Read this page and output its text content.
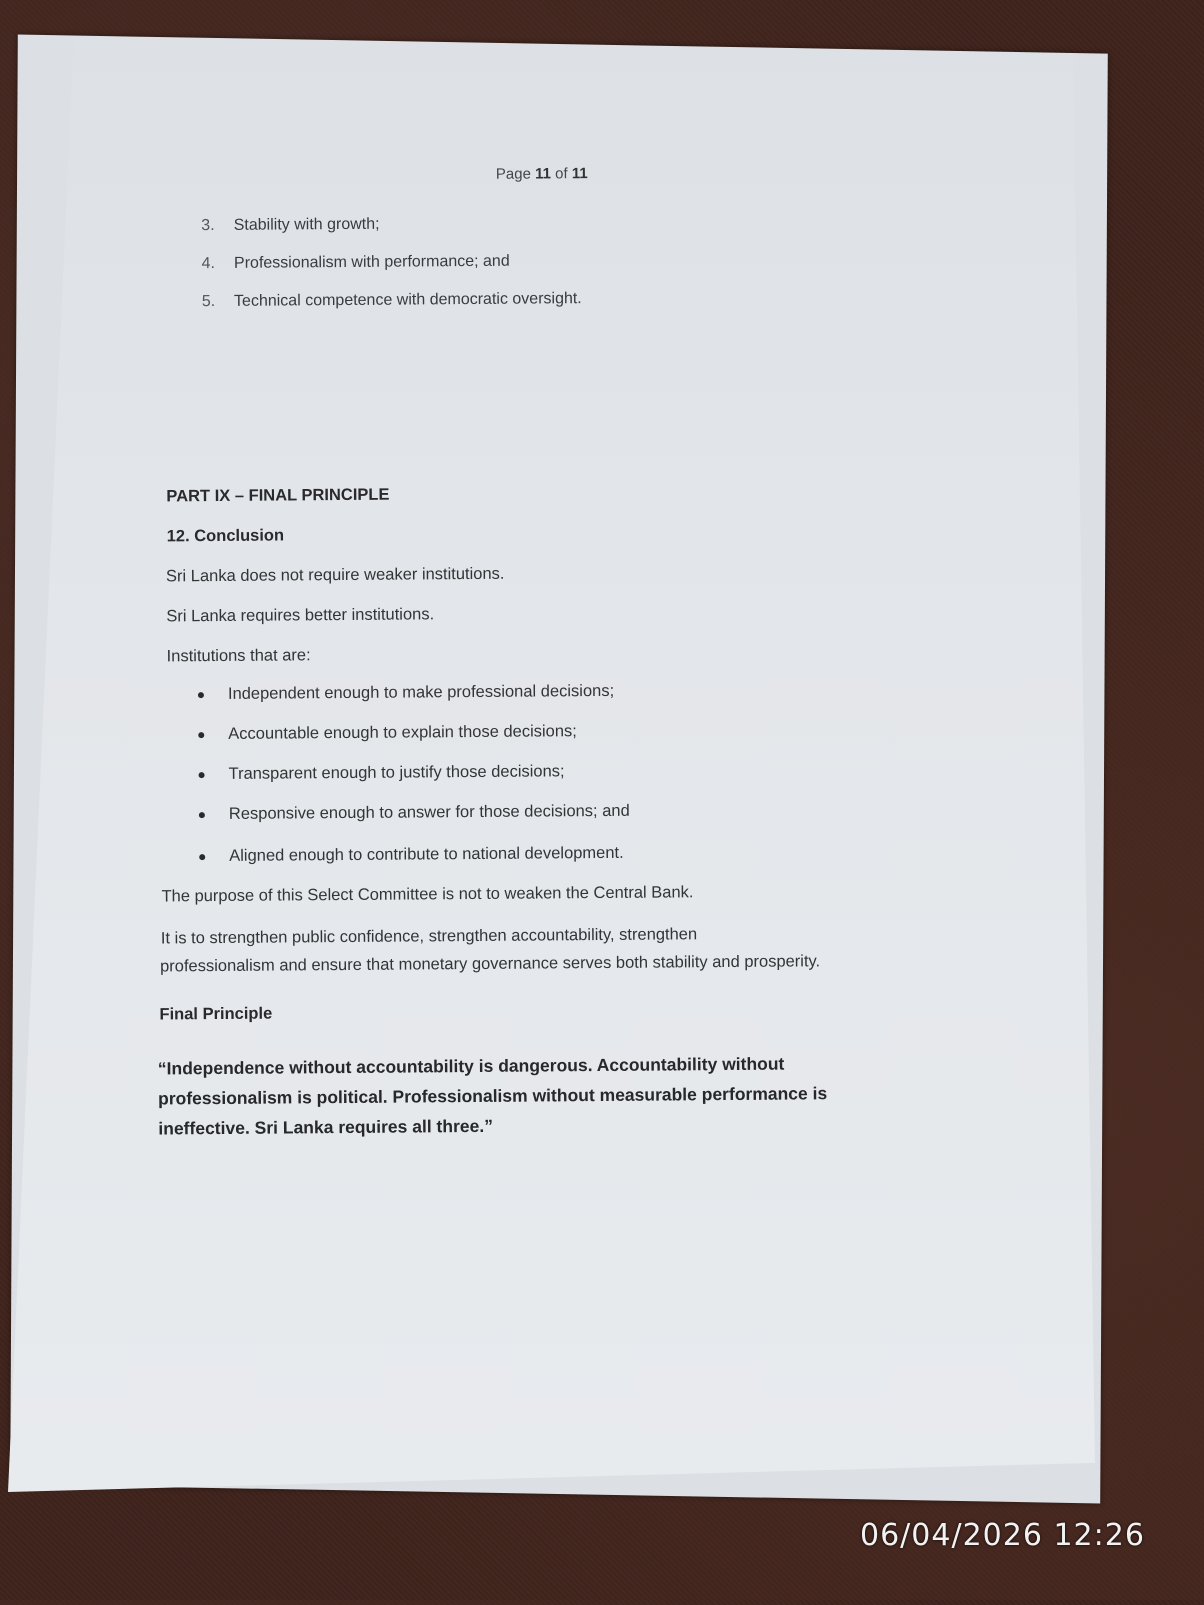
Page 11 of 11
3. Stability with growth;
4. Professionalism with performance; and
5. Technical competence with democratic oversight.
PART IX – FINAL PRINCIPLE
12. Conclusion
Sri Lanka does not require weaker institutions.
Sri Lanka requires better institutions.
Institutions that are:
Independent enough to make professional decisions;
Accountable enough to explain those decisions;
Transparent enough to justify those decisions;
Responsive enough to answer for those decisions; and
Aligned enough to contribute to national development.
The purpose of this Select Committee is not to weaken the Central Bank.
It is to strengthen public confidence, strengthen accountability, strengthen
professionalism and ensure that monetary governance serves both stability and prosperity.
Final Principle
“Independence without accountability is dangerous. Accountability without
professionalism is political. Professionalism without measurable performance is
ineffective. Sri Lanka requires all three.”
06/04/2026 12:26
